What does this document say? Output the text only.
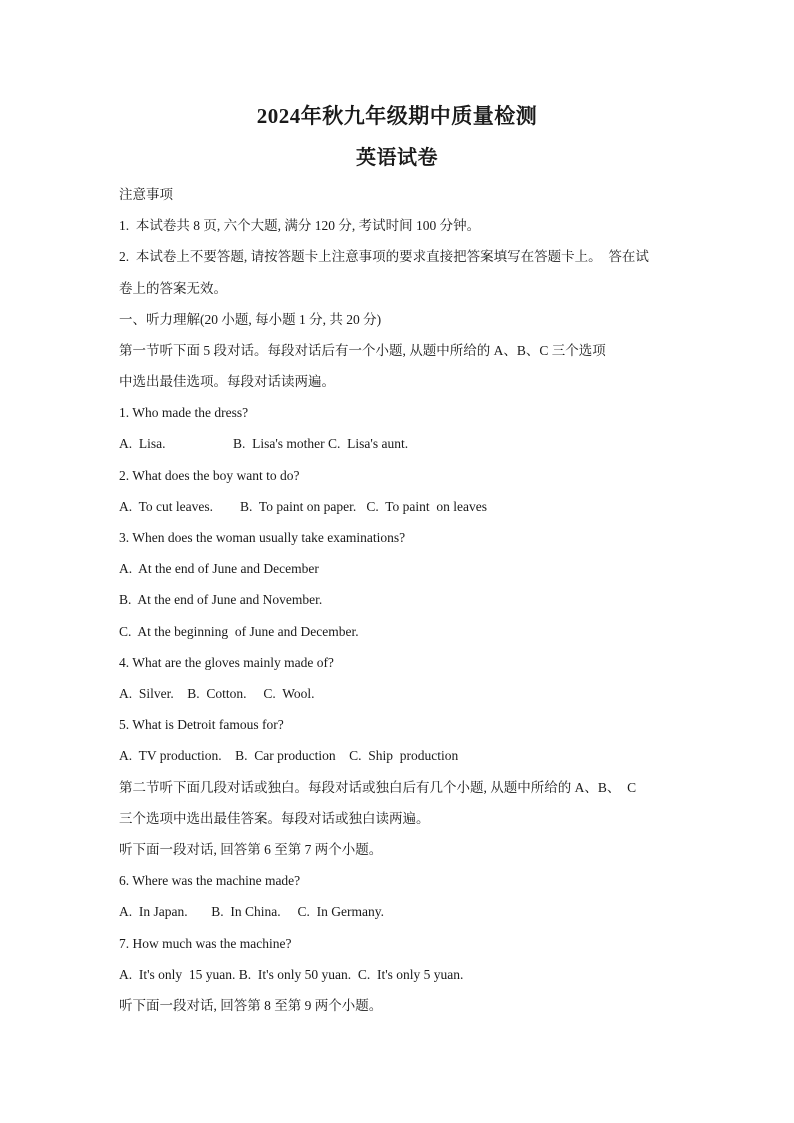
2024年秋九年级期中质量检测
英语试卷
注意事项
1.  本试卷共 8 页, 六个大题, 满分 120 分, 考试时间 100 分钟。
2.  本试卷上不要答题, 请按答题卡上注意事项的要求直接把答案填写在答题卡上。  答在试
卷上的答案无效。
一、听力理解(20 小题, 每小题 1 分, 共 20 分)
第一节听下面 5 段对话。每段对话后有一个小题, 从题中所给的 A、B、C 三个选项
中选出最佳选项。每段对话读两遍。
1. Who made the dress?
A.  Lisa.                    B.  Lisa's mother C.  Lisa's aunt.
2. What does the boy want to do?
A.  To cut leaves.        B.  To paint on paper.   C.  To paint  on leaves
3. When does the woman usually take examinations?
A.  At the end of June and December
B.  At the end of June and November.
C.  At the beginning  of June and December.
4. What are the gloves mainly made of?
A.  Silver.    B.  Cotton.     C.  Wool.
5. What is Detroit famous for?
A.  TV production.    B.  Car production    C.  Ship  production
第二节听下面几段对话或独白。每段对话或独白后有几个小题, 从题中所给的 A、B、  C
三个选项中选出最佳答案。每段对话或独白读两遍。
听下面一段对话, 回答第 6 至第 7 两个小题。
6. Where was the machine made?
A.  In Japan.       B.  In China.     C.  In Germany.
7. How much was the machine?
A.  It's only  15 yuan. B.  It's only 50 yuan.  C.  It's only 5 yuan.
听下面一段对话, 回答第 8 至第 9 两个小题。
